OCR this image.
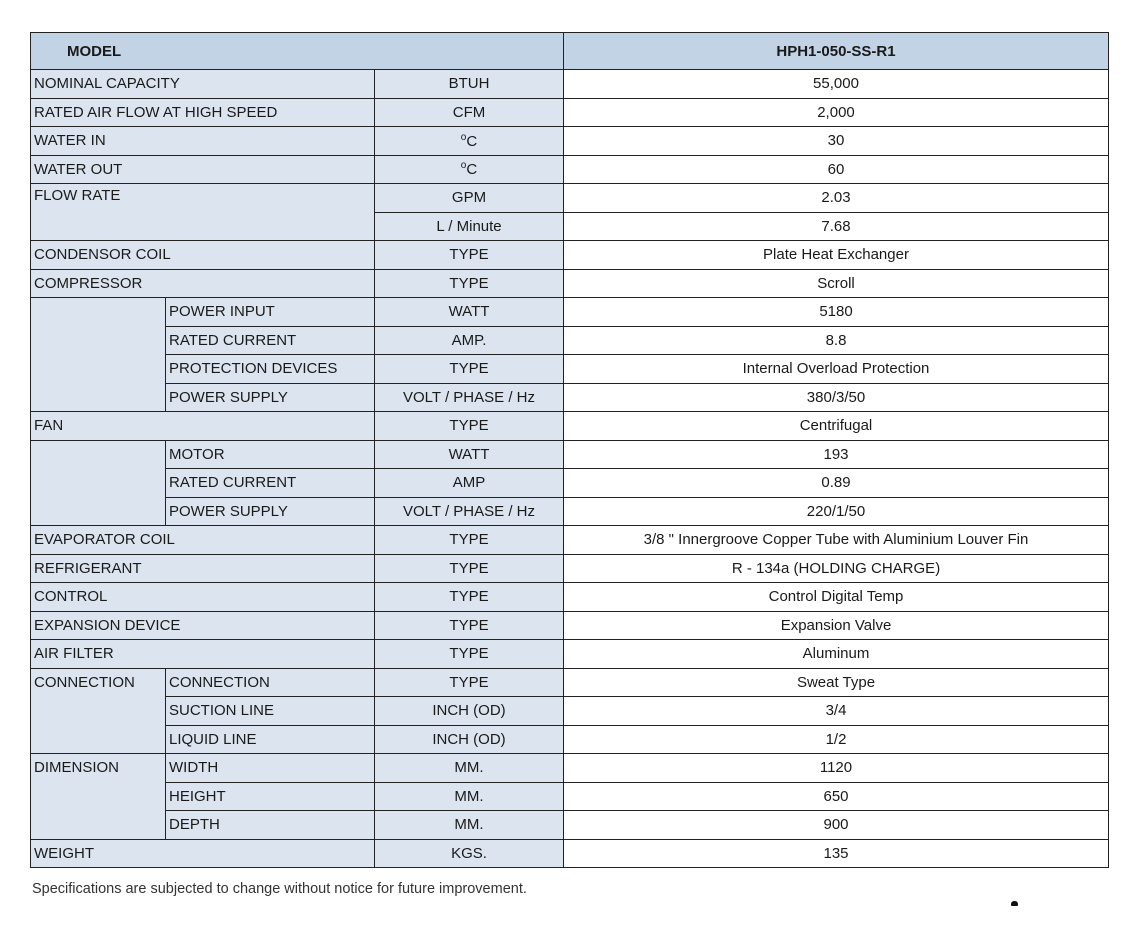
MODEL			HPH1-050-SS-R1
NOMINAL CAPACITY		BTUH	55,000
RATED AIR FLOW AT HIGH SPEED		CFM	2,000
WATER IN		$^o$C	30
WATER OUT		$^o$C	60
FLOW RATE		GPM	2.03
		L / Minute	7.68
CONDENSOR COIL		TYPE	Plate Heat Exchanger
COMPRESSOR		TYPE	Scroll
	POWER INPUT	WATT	5180
	RATED CURRENT	AMP.	8.8
	PROTECTION DEVICES	TYPE	Internal Overload Protection
	POWER SUPPLY	VOLT / PHASE / Hz	380/3/50
FAN		TYPE	Centrifugal
	MOTOR	WATT	193
	RATED CURRENT	AMP	0.89
	POWER SUPPLY	VOLT / PHASE / Hz	220/1/50
EVAPORATOR COIL		TYPE	3/8 " Innergroove Copper Tube with Aluminium Louver Fin
REFRIGERANT		TYPE	R - 134a (HOLDING CHARGE)
CONTROL		TYPE	Control Digital Temp
EXPANSION DEVICE		TYPE	Expansion Valve
AIR FILTER		TYPE	Aluminum
CONNECTION	CONNECTION	TYPE	Sweat Type
	SUCTION LINE	INCH (OD)	3/4
	LIQUID LINE	INCH (OD)	1/2
DIMENSION	WIDTH	MM.	1120
	HEIGHT	MM.	650
	DEPTH	MM.	900
WEIGHT		KGS.	135
Specifications are subjected to change without notice for future improvement.
